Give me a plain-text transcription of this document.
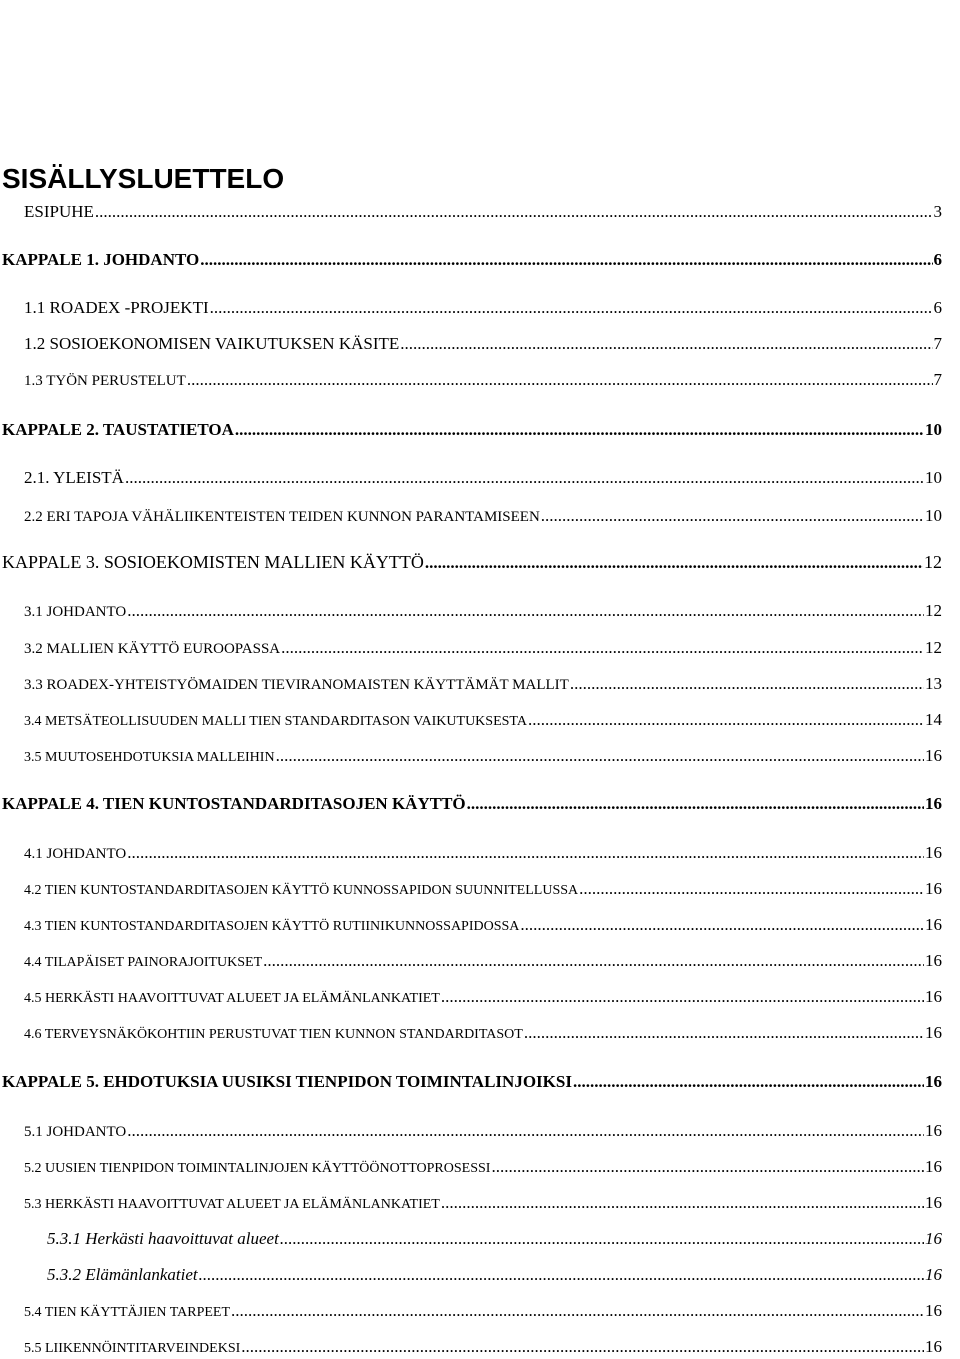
SISÄLLYSLUETTELO
ESIPUHE .....	3
KAPPALE 1. JOHDANTO .....	6
1.1 ROADEX -PROJEKTI .....	6
1.2 SOSIOEKONOMISEN VAIKUTUKSEN KÄSITE .....	7
1.3 TYÖN PERUSTELUT .....	7
KAPPALE 2. TAUSTATIETOA .....	10
2.1. YLEISTÄ .....	10
2.2 ERI TAPOJA VÄHÄLIIKENTEISTEN TEIDEN KUNNON PARANTAMISEEN .....	10
KAPPALE 3. SOSIOEKOMISTEN MALLIEN KÄYTTÖ .....	12
3.1 JOHDANTO .....	12
3.2 MALLIEN KÄYTTÖ EUROOPASSA .....	12
3.3 ROADEX-YHTEISTYÖMAIDEN TIEVIRANOMAISTEN KÄYTTÄMÄT MALLIT .....	13
3.4 METSÄTEOLLISUUDEN MALLI TIEN STANDARDITASON VAIKUTUKSESTA .....	14
3.5 MUUTOSEHDOTUKSIA MALLEIHIN .....	16
KAPPALE 4. TIEN KUNTOSTANDARDITASOJEN KÄYTTÖ .....	16
4.1 JOHDANTO .....	16
4.2 TIEN KUNTOSTANDARDITASOJEN KÄYTTÖ KUNNOSSAPIDON SUUNNITELLUSSA .....	16
4.3 TIEN KUNTOSTANDARDITASOJEN KÄYTTÖ RUTIINIKUNNOSSAPIDOSSA .....	16
4.4 TILAPÄISET PAINORAJOITUKSET .....	16
4.5 HERKÄSTI HAAVOITTUVAT ALUEET JA ELÄMÄNLANKATIET .....	16
4.6 TERVEYSNÄKÖKOHTIIN PERUSTUVAT TIEN KUNNON STANDARDITASOT .....	16
KAPPALE 5. EHDOTUKSIA UUSIKSI TIENPIDON TOIMINTALINJOIKSI .....	16
5.1 JOHDANTO .....	16
5.2 UUSIEN TIENPIDON TOIMINTALINJOJEN KÄYTTÖÖNOTTOPROSESSI .....	16
5.3 HERKÄSTI HAAVOITTUVAT ALUEET JA ELÄMÄNLANKATIET .....	16
5.3.1 Herkästi haavoittuvat alueet .....	16
5.3.2 Elämänlankatiet .....	16
5.4 TIEN KÄYTTÄJIEN TARPEET .....	16
5.5 LIIKENNÖINTITARVEINDEKSI .....	16
